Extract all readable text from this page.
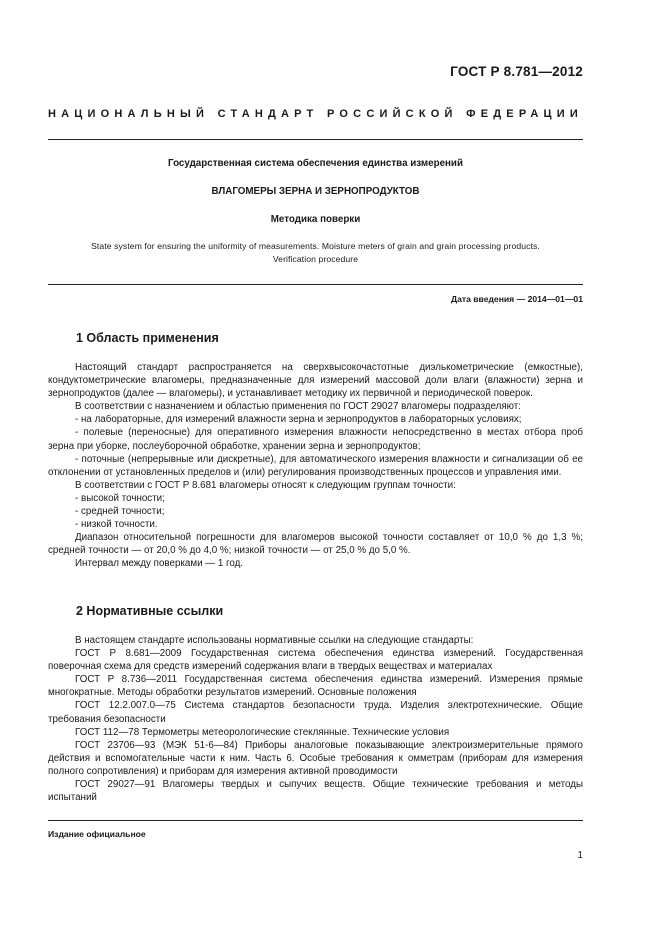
ГОСТ Р 8.781—2012
НАЦИОНАЛЬНЫЙ СТАНДАРТ РОССИЙСКОЙ ФЕДЕРАЦИИ
Государственная система обеспечения единства измерений
ВЛАГОМЕРЫ ЗЕРНА И ЗЕРНОПРОДУКТОВ
Методика поверки
State system for ensuring the uniformity of measurements. Moisture meters of grain and grain processing products.
Verification procedure
Дата введения — 2014—01—01
1 Область применения

Настоящий стандарт распространяется на сверхвысокочастотные диэлькометрические (емкостные), кондуктометрические влагомеры, предназначенные для измерений массовой доли влаги (влажности) зерна и зернопродуктов (далее — влагомеры), и устанавливает методику их первичной и периодической поверок.

В соответствии с назначением и областью применения по ГОСТ 29027 влагомеры подразделяют:

- на лабораторные, для измерений влажности зерна и зернопродуктов в лабораторных условиях;

- полевые (переносные) для оперативного измерения влажности непосредственно в местах отбора проб зерна при уборке, послеуборочной обработке, хранении зерна и зернопродуктов;

- поточные (непрерывные или дискретные), для автоматического измерения влажности и сигнализации об ее отклонении от установленных пределов и (или) регулирования производственных процессов и управления ими.

В соответствии с ГОСТ Р 8.681 влагомеры относят к следующим группам точности:

- высокой точности;

- средней точности;

- низкой точности.

Диапазон относительной погрешности для влагомеров высокой точности составляет от 10,0 % до 1,3 %; средней точности — от 20,0 % до 4,0 %; низкой точности — от 25,0 % до 5,0 %.

Интервал между поверками — 1 год.

2 Нормативные ссылки

В настоящем стандарте использованы нормативные ссылки на следующие стандарты:

ГОСТ Р 8.681—2009 Государственная система обеспечения единства измерений. Государственная поверочная схема для средств измерений содержания влаги в твердых веществах и материалах

ГОСТ Р 8.736—2011 Государственная система обеспечения единства измерений. Измерения прямые многократные. Методы обработки результатов измерений. Основные положения

ГОСТ 12.2.007.0—75 Система стандартов безопасности труда. Изделия электротехнические. Общие требования безопасности

ГОСТ 112—78 Термометры метеорологические стеклянные. Технические условия

ГОСТ 23706—93 (МЭК 51-6—84) Приборы аналоговые показывающие электроизмерительные прямого действия и вспомогательные части к ним. Часть 6. Особые требования к омметрам (приборам для измерения полного сопротивления) и приборам для измерения активной проводимости

ГОСТ 29027—91 Влагомеры твердых и сыпучих веществ. Общие технические требования и методы испытаний

Издание официальное
1
